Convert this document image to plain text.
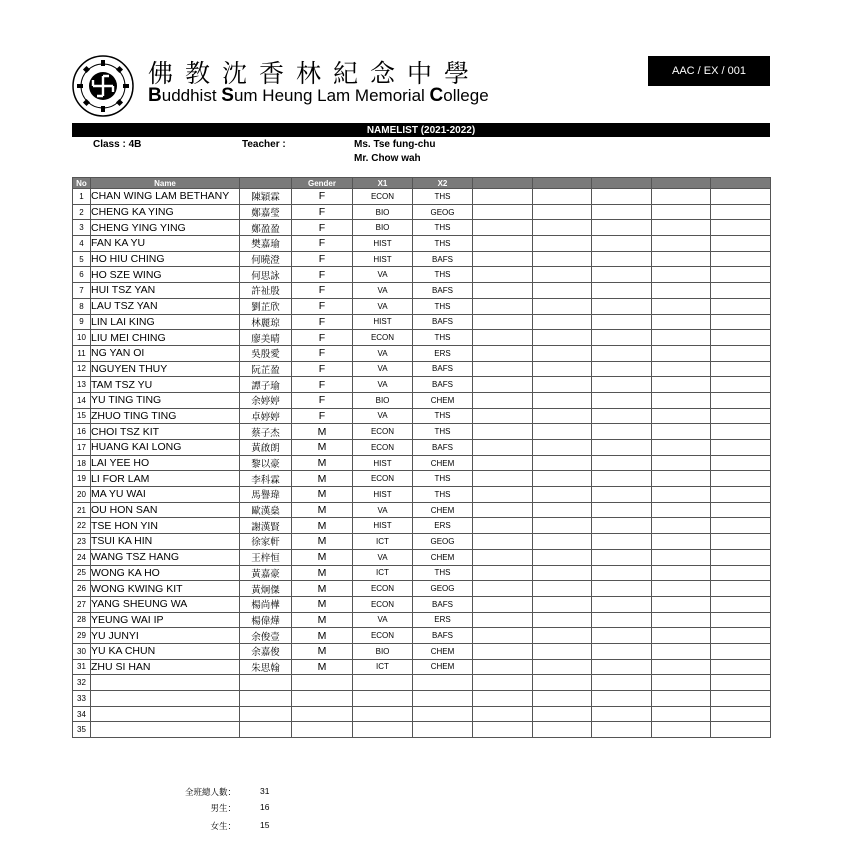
佛教沈香林紀念中學
Buddhist Sum Heung Lam Memorial College
AAC / EX / 001
NAMELIST (2021-2022)
Class : 4B	Teacher :	Ms. Tse fung-chu
Mr. Chow wah
No	Name		Gender	X1	X2					
1	CHAN WING LAM BETHANY	陳穎霖	F	ECON	THS					
2	CHENG KA YING	鄭嘉瑩	F	BIO	GEOG					
3	CHENG YING YING	鄭盈盈	F	BIO	THS					
4	FAN KA YU	樊嘉瑜	F	HIST	THS					
5	HO HIU CHING	何曉澄	F	HIST	BAFS					
6	HO SZE WING	何思詠	F	VA	THS					
7	HUI TSZ YAN	許祉殷	F	VA	BAFS					
8	LAU TSZ YAN	劉芷欣	F	VA	THS					
9	LIN LAI KING	林麗琼	F	HIST	BAFS					
10	LIU MEI CHING	廖美晴	F	ECON	THS					
11	NG YAN OI	吳殷愛	F	VA	ERS					
12	NGUYEN THUY	阮芷盈	F	VA	BAFS					
13	TAM TSZ YU	譚子瑜	F	VA	BAFS					
14	YU TING TING	余婷婷	F	BIO	CHEM					
15	ZHUO TING TING	卓婷婷	F	VA	THS					
16	CHOI TSZ KIT	蔡子杰	M	ECON	THS					
17	HUANG KAI LONG	黃啟朗	M	ECON	BAFS					
18	LAI YEE HO	黎以豪	M	HIST	CHEM					
19	LI FOR LAM	李科霖	M	ECON	THS					
20	MA YU WAI	馬譽瑋	M	HIST	THS					
21	OU HON SAN	歐漢燊	M	VA	CHEM					
22	TSE HON YIN	謝漢賢	M	HIST	ERS					
23	TSUI KA HIN	徐家軒	M	ICT	GEOG					
24	WANG TSZ HANG	王梓恒	M	VA	CHEM					
25	WONG KA HO	黃嘉豪	M	ICT	THS					
26	WONG KWING KIT	黃炯傑	M	ECON	GEOG					
27	YANG SHEUNG WA	楊尚樺	M	ECON	BAFS					
28	YEUNG WAI IP	楊偉燁	M	VA	ERS					
29	YU JUNYI	余俊壹	M	ECON	BAFS					
30	YU KA CHUN	余嘉俊	M	BIO	CHEM					
31	ZHU SI HAN	朱思翰	M	ICT	CHEM					
32										
33										
34										
35										
全班總人數：	31
男生：	16
女生：	15
